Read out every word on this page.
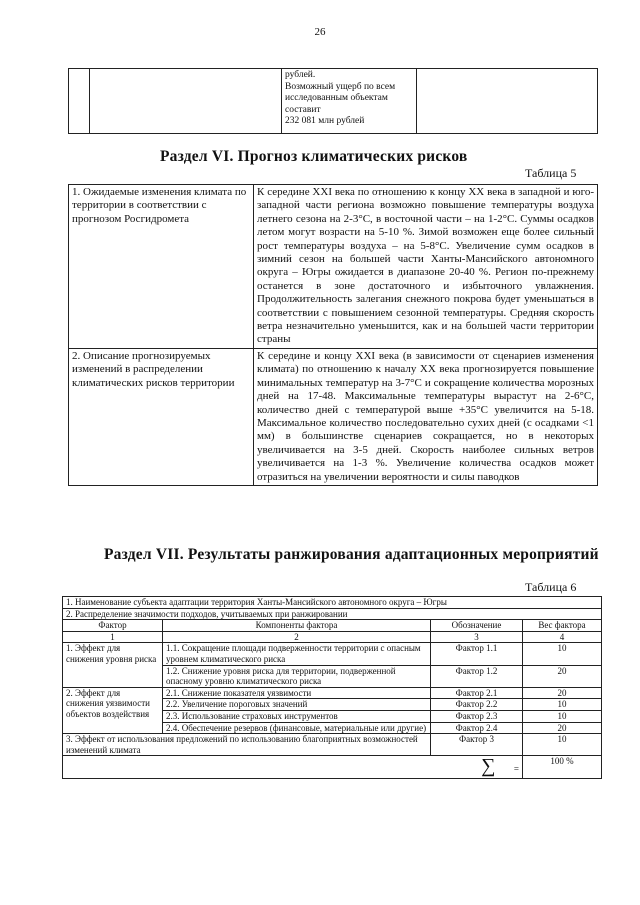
26

рублей.
Возможный ущерб по всем
исследованным объектам
составит
232 081 млн рублей

Раздел VI. Прогноз климатических рисков
Таблица 5
1. Ожидаемые изменения климата по территории в соответствии с прогнозом Росгидромета	К середине XXI века по отношению к концу XX века в западной и юго-западной части региона возможно повышение температуры воздуха летнего сезона на 2-3°С, в восточной части – на 1-2°С. Суммы осадков летом могут возрасти на 5-10 %. Зимой возможен еще более сильный рост температуры воздуха – на 5-8°С. Увеличение сумм осадков в зимний сезон на большей части Ханты-Мансийского автономного округа – Югры ожидается в диапазоне 20-40 %. Регион по-прежнему останется в зоне достаточного и избыточного увлажнения. Продолжительность залегания снежного покрова будет уменьшаться в соответствии с повышением сезонной температуры. Средняя скорость ветра незначительно уменьшится, как и на большей части территории страны
2. Описание прогнозируемых изменений в распределении климатических рисков территории	К середине и концу XXI века (в зависимости от сценариев изменения климата) по отношению к началу XX века прогнозируется повышение минимальных температур на 3-7°С и сокращение количества морозных дней на 17-48. Максимальные температуры вырастут на 2-6°С, количество дней с температурой выше +35°С увеличится на 5-18. Максимальное количество последовательно сухих дней (с осадками <1 мм) в большинстве сценариев сокращается, но в некоторых увеличивается на 3-5 дней. Скорость наиболее сильных ветров увеличивается на 1-3 %. Увеличение количества осадков может отразиться на увеличении вероятности и силы паводков
Раздел VII. Результаты ранжирования адаптационных мероприятий
Таблица 6
1. Наименование субъекта адаптации территория Ханты-Мансийского автономного округа – Югры			
2. Распределение значимости подходов, учитываемых при ранжировании			
Фактор	Компоненты фактора	Обозначение	Вес фактора
1	2	3	4
1. Эффект для снижения уровня риска	1.1. Сокращение площади подверженности территории с опасным уровнем климатического риска	Фактор 1.1	10
	1.2. Снижение уровня риска для территории, подверженной опасному уровню климатического риска	Фактор 1.2	20
2. Эффект для снижения уязвимости объектов воздействия	2.1. Снижение показателя уязвимости	Фактор 2.1	20
	2.2. Увеличение пороговых значений	Фактор 2.2	10
	2.3. Использование страховых инструментов	Фактор 2.3	10
	2.4. Обеспечение резервов (финансовые, материальные или другие)	Фактор 2.4	20
3. Эффект от использования предложений по использованию благоприятных возможностей изменений климата		Фактор 3	10
∑ =			100 %
